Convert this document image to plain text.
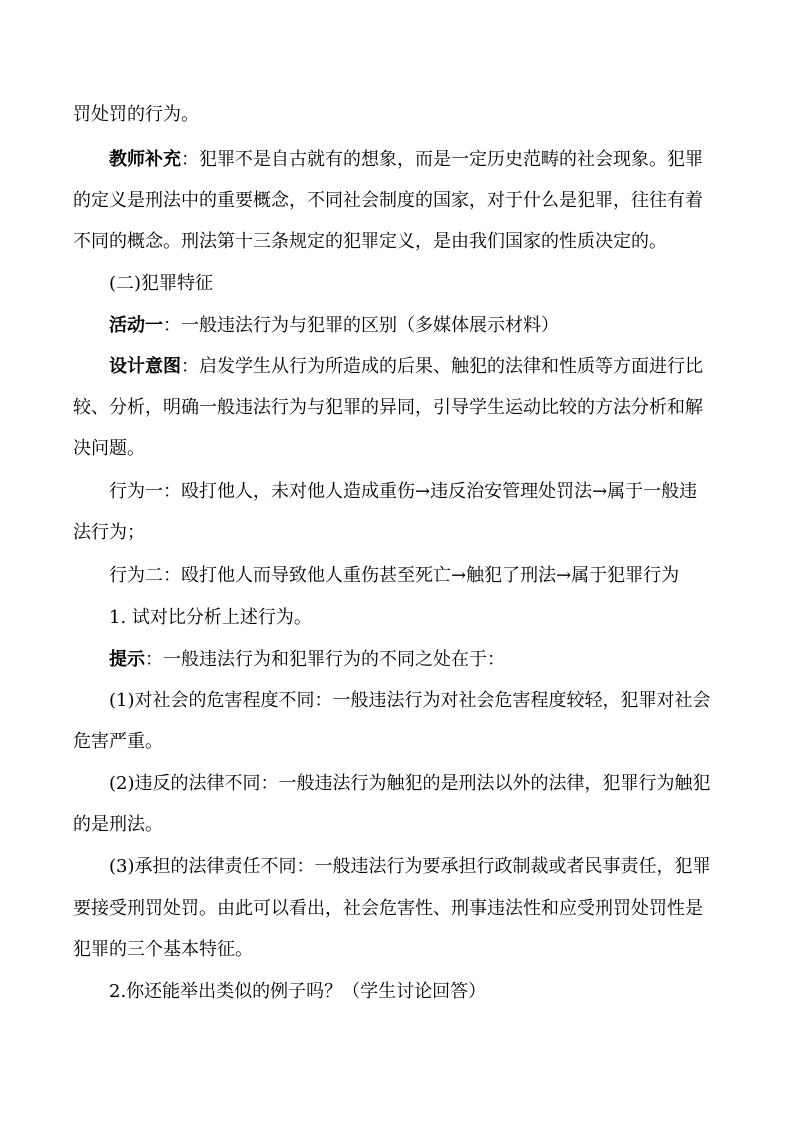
罚处罚的行为。
教师补充：犯罪不是自古就有的想象，而是一定历史范畴的社会现象。犯罪
的定义是刑法中的重要概念，不同社会制度的国家，对于什么是犯罪，往往有着
不同的概念。刑法第十三条规定的犯罪定义，是由我们国家的性质决定的。
(二)犯罪特征
活动一：一般违法行为与犯罪的区别（多媒体展示材料）
设计意图：启发学生从行为所造成的后果、触犯的法律和性质等方面进行比
较、分析，明确一般违法行为与犯罪的异同，引导学生运动比较的方法分析和解
决问题。
行为一：殴打他人，未对他人造成重伤→违反治安管理处罚法→属于一般违
法行为；
行为二：殴打他人而导致他人重伤甚至死亡→触犯了刑法→属于犯罪行为
1. 试对比分析上述行为。
提示：一般违法行为和犯罪行为的不同之处在于：
(1)对社会的危害程度不同：一般违法行为对社会危害程度较轻，犯罪对社会
危害严重。
(2)违反的法律不同：一般违法行为触犯的是刑法以外的法律，犯罪行为触犯
的是刑法。
(3)承担的法律责任不同：一般违法行为要承担行政制裁或者民事责任，犯罪
要接受刑罚处罚。由此可以看出，社会危害性、刑事违法性和应受刑罚处罚性是
犯罪的三个基本特征。
2.你还能举出类似的例子吗？（学生讨论回答）
